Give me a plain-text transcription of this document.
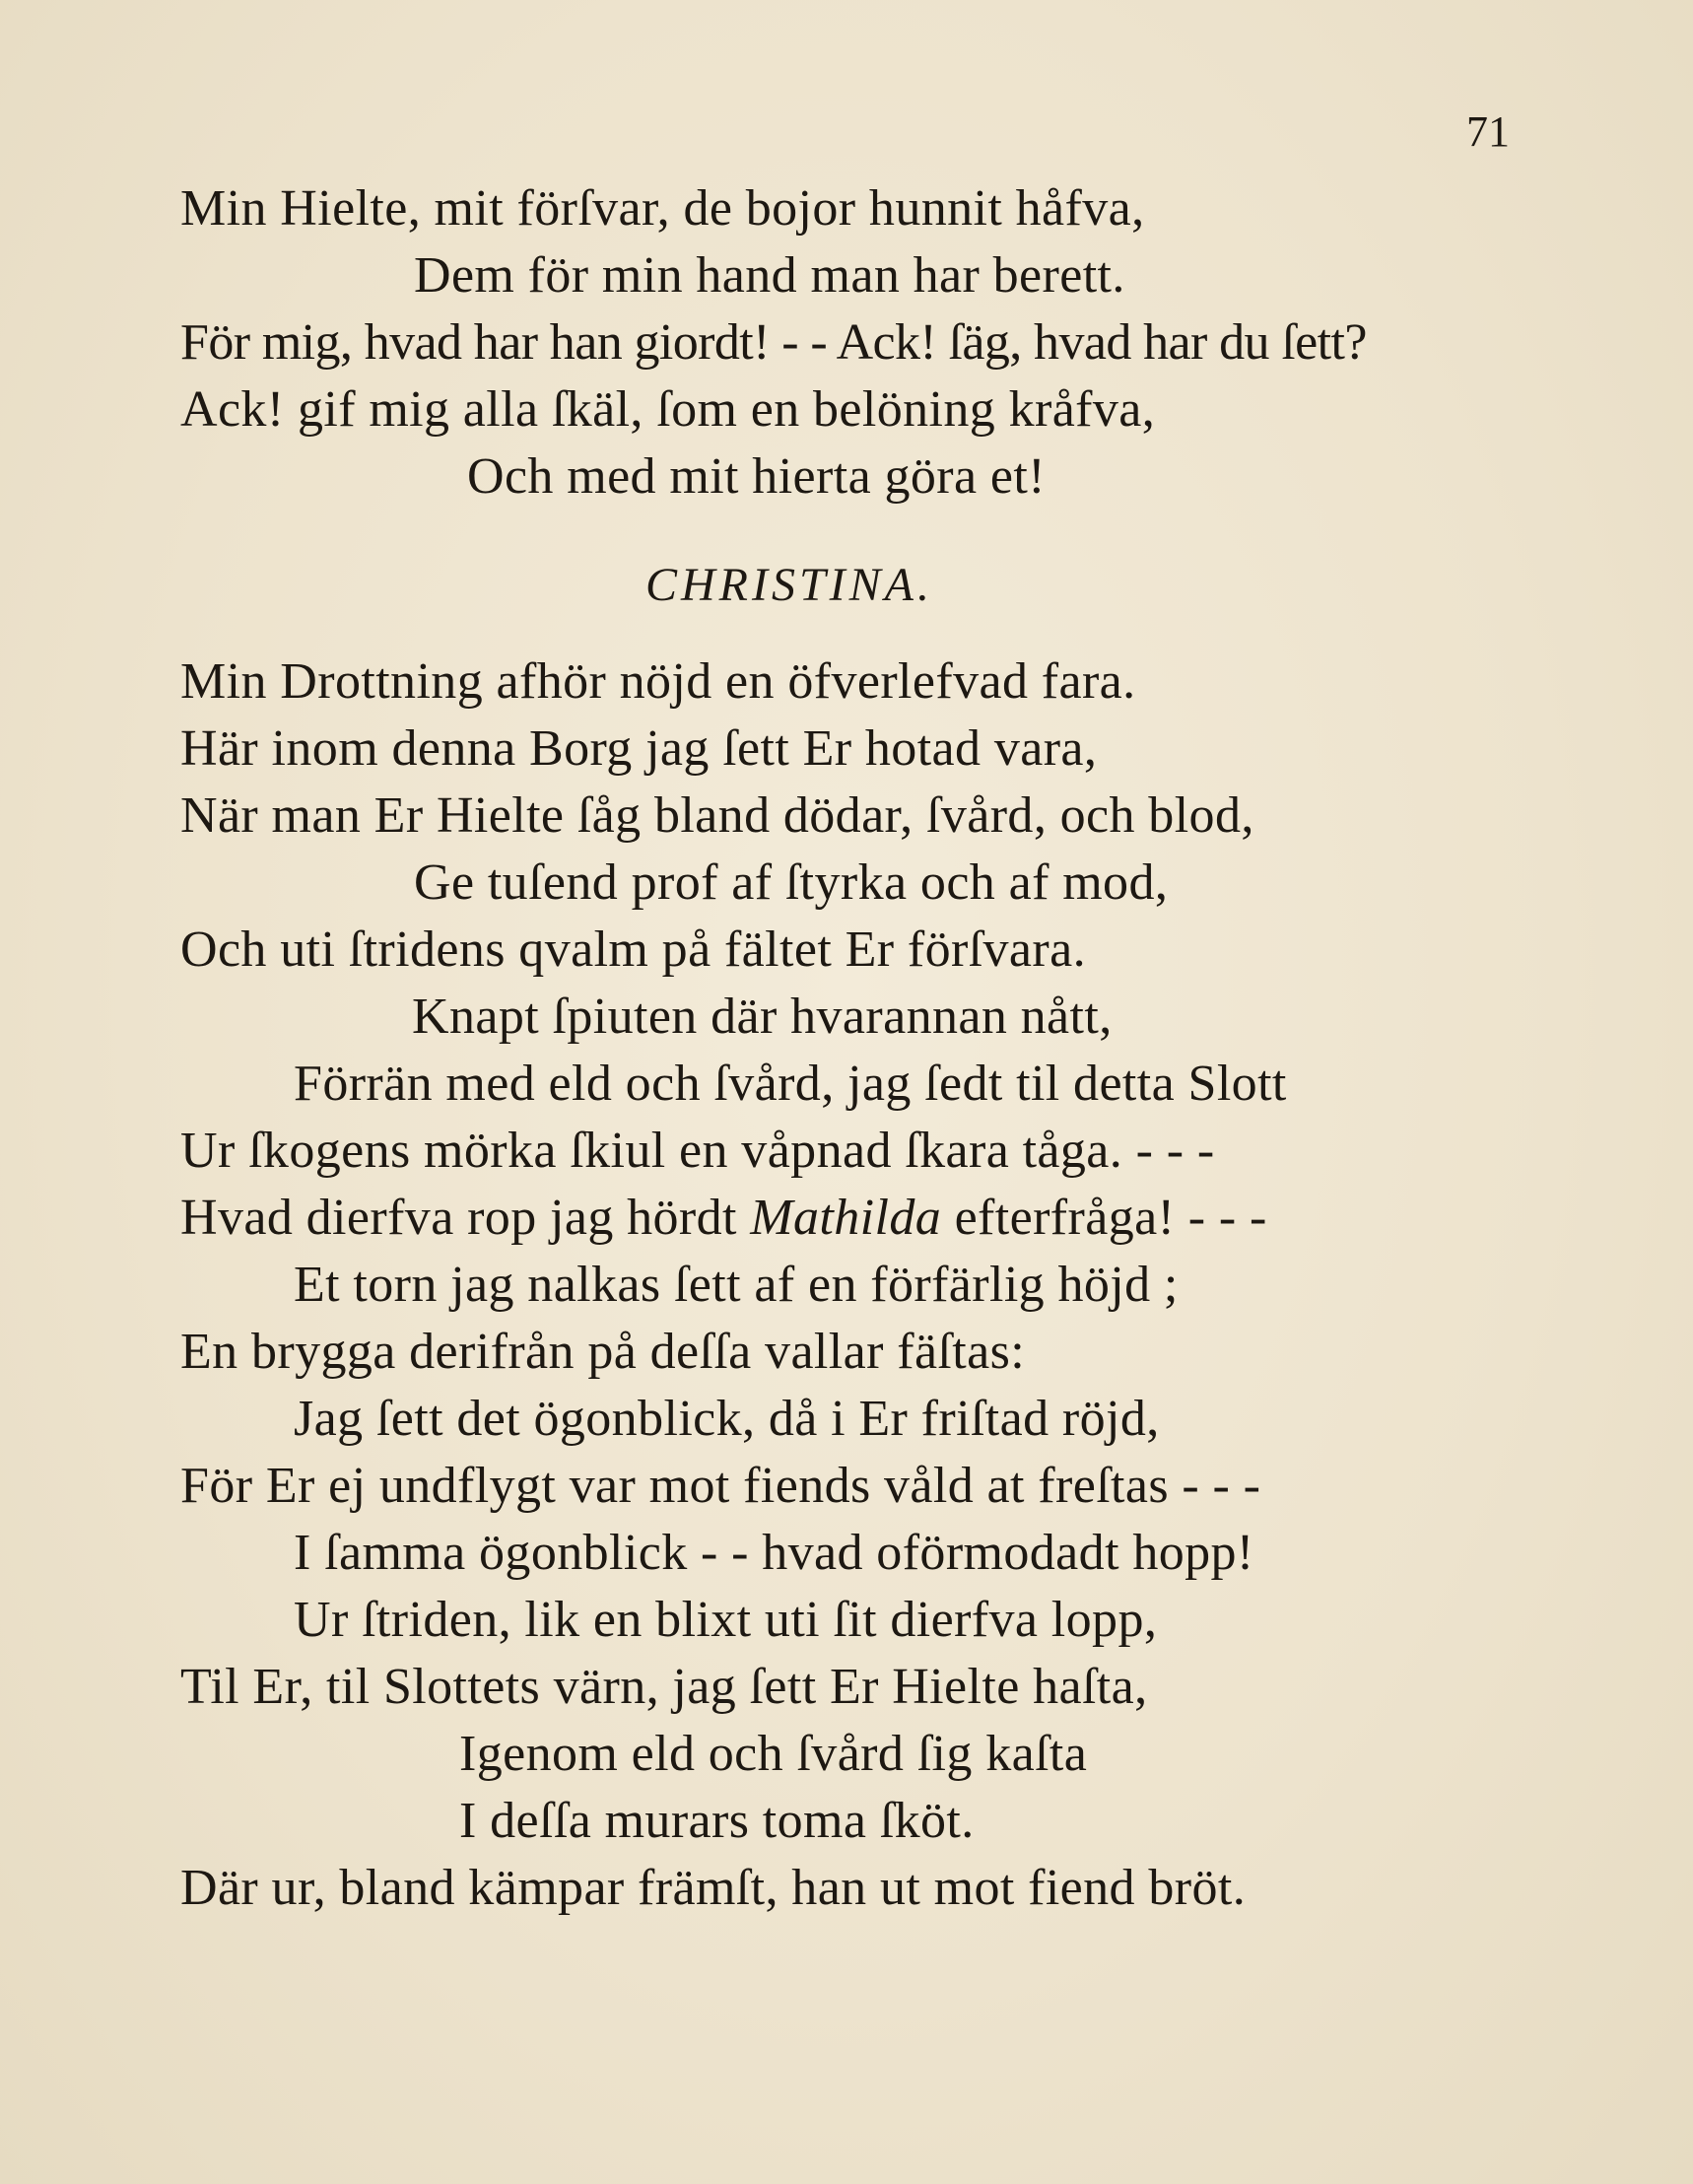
71
Min Hielte, mit förſvar, de bojor hunnit håfva,
Dem för min hand man har berett.
För mig, hvad har han giordt! - - Ack! ſäg, hvad har du ſett?
Ack! gif mig alla ſkäl, ſom en belöning kråfva,
Och med mit hierta göra et!
CHRISTINA.
Min Drottning afhör nöjd en öfverlefvad fara.
Här inom denna Borg jag ſett Er hotad vara,
När man Er Hielte ſåg bland dödar, ſvård, och blod,
Ge tuſend prof af ſtyrka och af mod,
Och uti ſtridens qvalm på fältet Er förſvara.
Knapt ſpiuten där hvarannan nått,
Förrän med eld och ſvård, jag ſedt til detta Slott
Ur ſkogens mörka ſkiul en våpnad ſkara tåga. - - -
Hvad dierfva rop jag hördt Mathilda efterfråga! - - -
Et torn jag nalkas ſett af en förfärlig höjd ;
En brygga derifrån på deſſa vallar fäſtas:
Jag ſett det ögonblick, då i Er friſtad röjd,
För Er ej undflygt var mot fiends våld at freſtas - - -
I ſamma ögonblick - - hvad oförmodadt hopp!
Ur ſtriden, lik en blixt uti ſit dierfva lopp,
Til Er, til Slottets värn, jag ſett Er Hielte haſta,
Igenom eld och ſvård ſig kaſta
I deſſa murars toma ſköt.
Där ur, bland kämpar främſt, han ut mot fiend bröt.
